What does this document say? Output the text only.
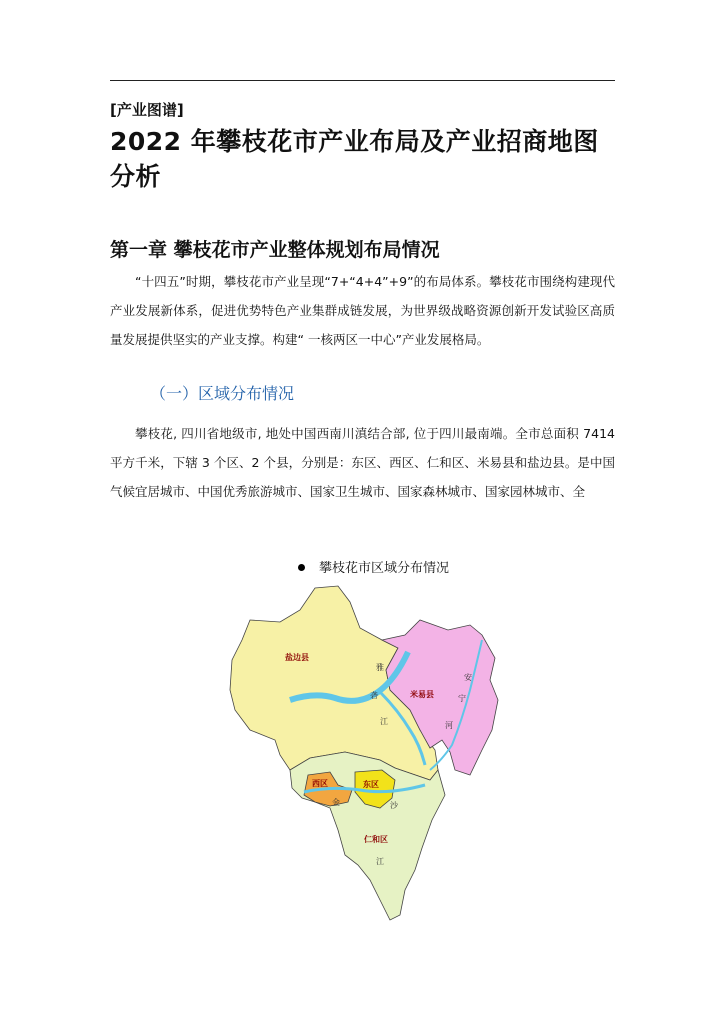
[产业图谱]
2022 年攀枝花市产业布局及产业招商地图分析
第一章 攀枝花市产业整体规划布局情况
“十四五”时期，攀枝花市产业呈现“7+“4+4”+9”的布局体系。攀枝花市围绕构建现代产业发展新体系，促进优势特色产业集群成链发展，为世界级战略资源创新开发试验区高质量发展提供坚实的产业支撑。构建“ 一核两区一中心”产业发展格局。
（一）区域分布情况
攀枝花, 四川省地级市, 地处中国西南川滇结合部, 位于四川最南端。全市总面积 7414 平方千米，下辖 3 个区、2 个县，分别是：东区、西区、仁和区、米易县和盐边县。是中国气候宜居城市、中国优秀旅游城市、国家卫生城市、国家森林城市、国家园林城市、全
攀枝花市区域分布情况
盐边县
米易县
西区	东区
仁和区
雅
砻
江
安
宁
河
金	沙
江
